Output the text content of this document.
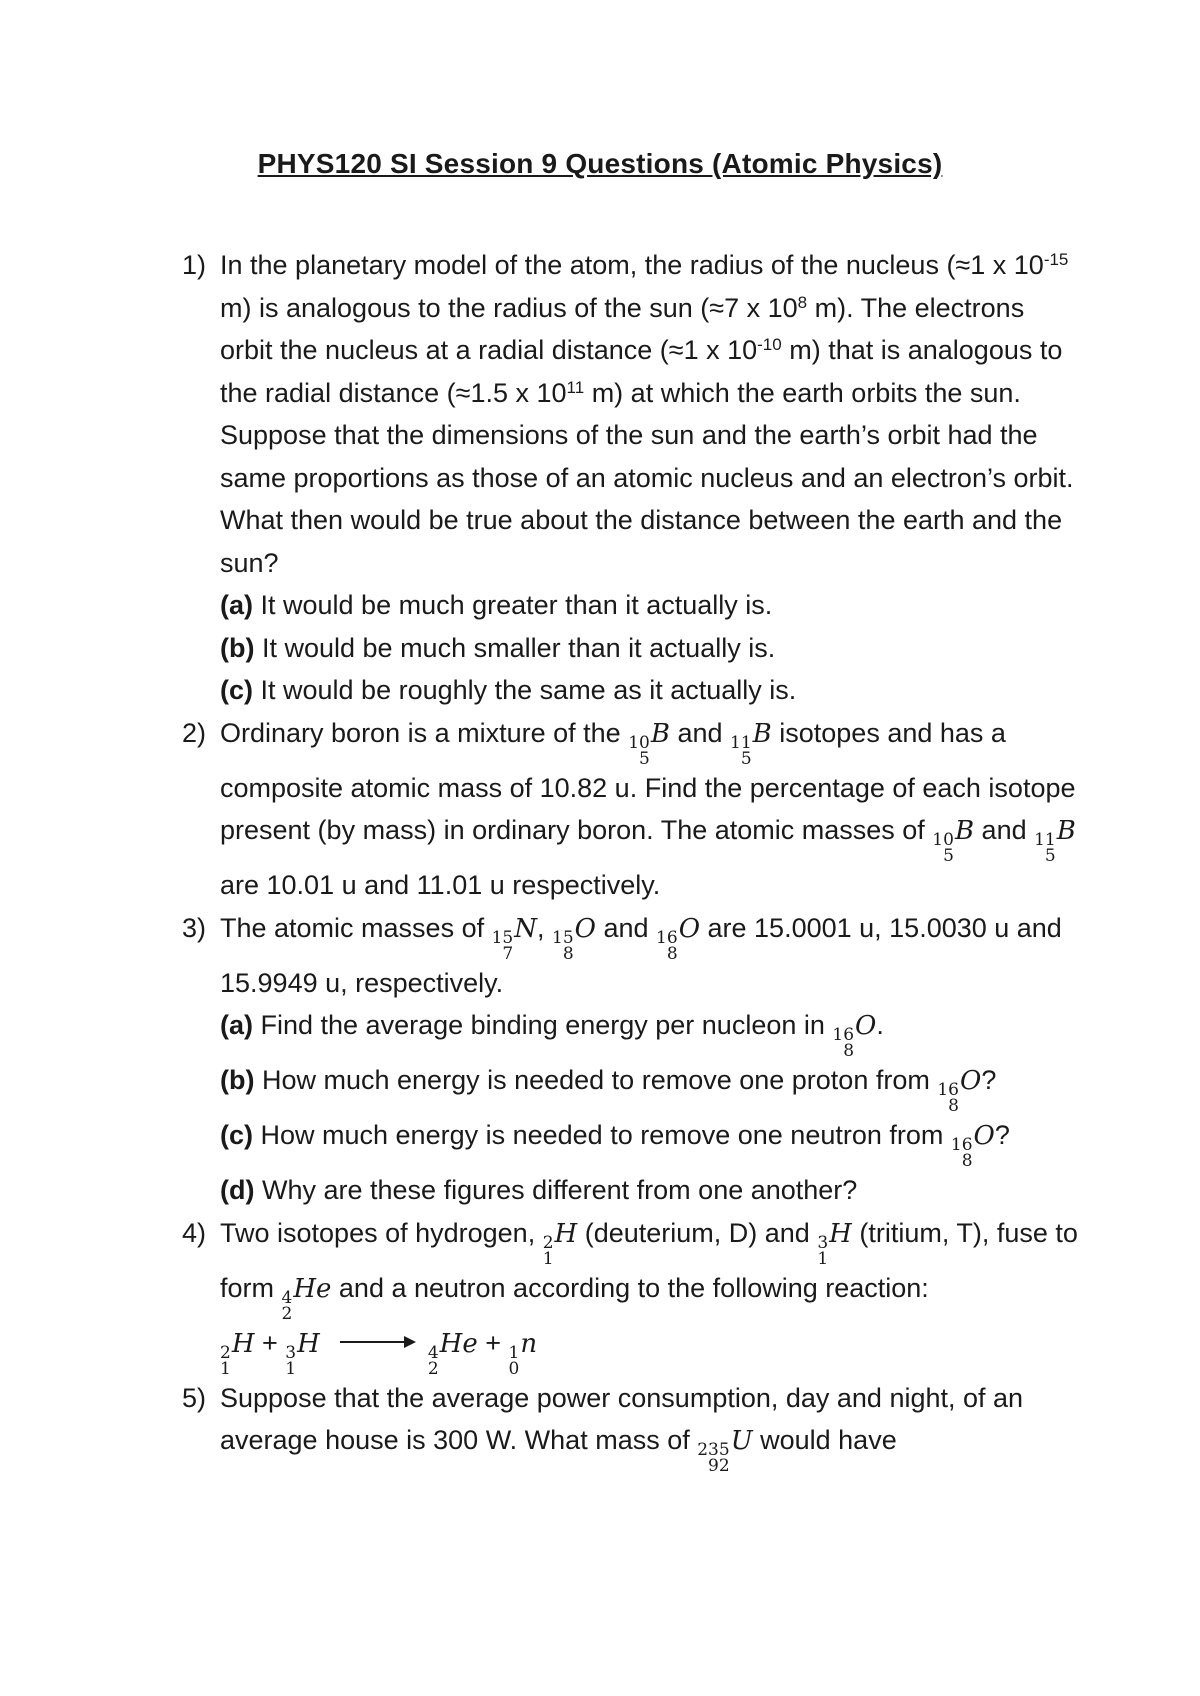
PHYS120 SI Session 9 Questions (Atomic Physics)
1) In the planetary model of the atom, the radius of the nucleus (≈1 x $10^{-15}$ m) is analogous to the radius of the sun (≈7 x $10^8$ m). The electrons orbit the nucleus at a radial distance (≈1 x $10^{-10}$ m) that is analogous to the radial distance (≈1.5 x $10^{11}$ m) at which the earth orbits the sun. Suppose that the dimensions of the sun and the earth’s orbit had the same proportions as those of an atomic nucleus and an electron’s orbit. What then would be true about the distance between the earth and the sun?
(a) It would be much greater than it actually is.
(b) It would be much smaller than it actually is.
(c) It would be roughly the same as it actually is.
2) Ordinary boron is a mixture of the 10
5
B and 11
5
B isotopes and has a composite atomic mass of 10.82 u. Find the percentage of each isotope present (by mass) in ordinary boron. The atomic masses of 10
5
B and 11
5
B are 10.01 u and 11.01 u respectively.
3) The atomic masses of 15
7
N, 15
8
O and 16
8
O are 15.0001 u, 15.0030 u and 15.9949 u, respectively.
(a) Find the average binding energy per nucleon in 16
8
O.
(b) How much energy is needed to remove one proton from 16
8
O?
(c) How much energy is needed to remove one neutron from 16
8
O?
(d) Why are these figures different from one another?
4) Two isotopes of hydrogen, 2
1
H (deuterium, D) and 3
1
H (tritium, T), fuse to form 4
2
He and a neutron according to the following reaction:
2
1
H + 3
1
H →
4
2
He + 1
0
n
5) Suppose that the average power consumption, day and night, of an average house is 300 W. What mass of 235
92
U would have
